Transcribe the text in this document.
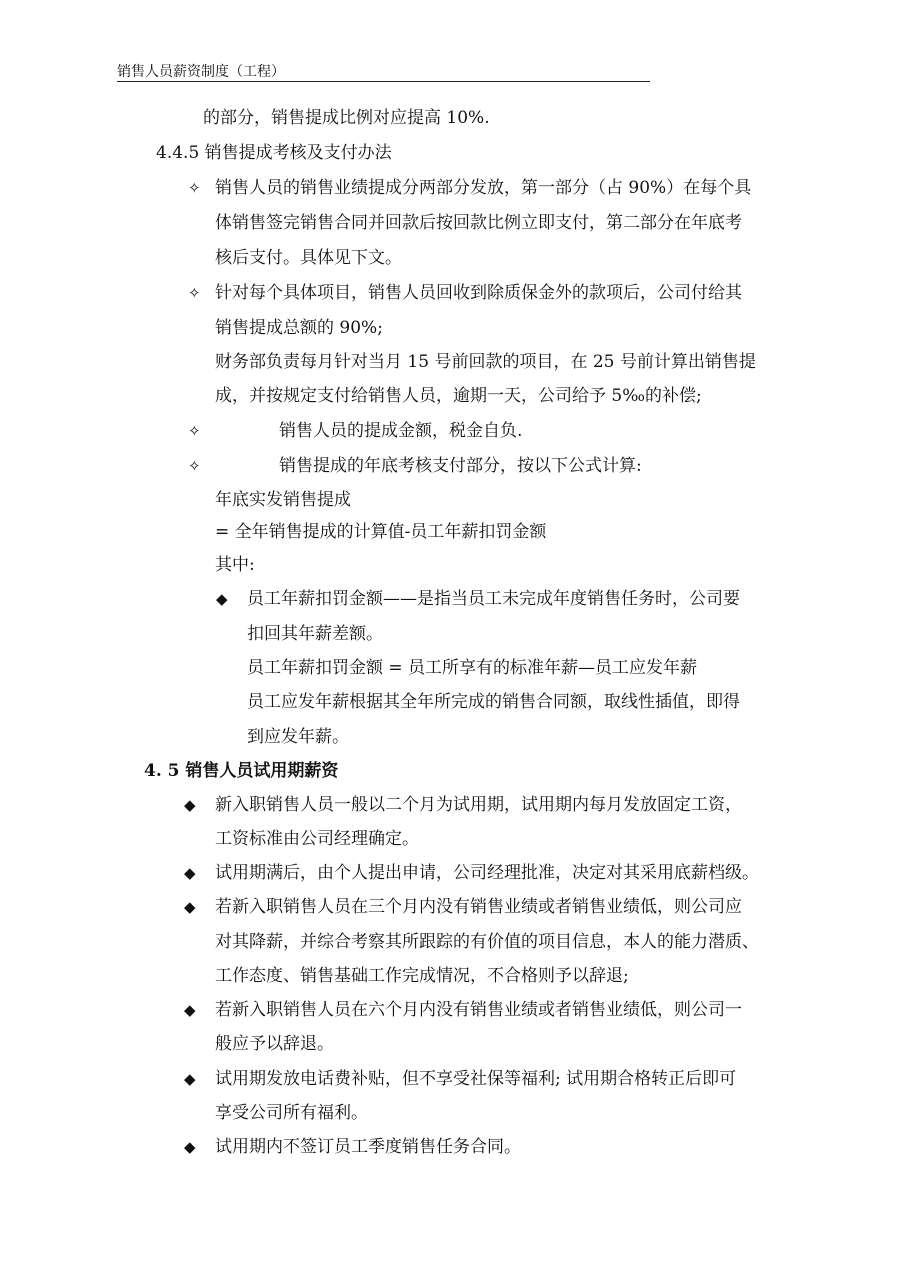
销售人员薪资制度（工程）
的部分，销售提成比例对应提高 10%.
4.4.5 销售提成考核及支付办法
✧ 销售人员的销售业绩提成分两部分发放，第一部分（占 90%）在每个具
体销售签完销售合同并回款后按回款比例立即支付，第二部分在年底考
核后支付。具体见下文。
✧ 针对每个具体项目，销售人员回收到除质保金外的款项后，公司付给其
销售提成总额的 90%;
财务部负责每月针对当月 15 号前回款的项目，在 25 号前计算出销售提
成，并按规定支付给销售人员，逾期一天，公司给予 5‰的补偿;
✧	销售人员的提成金额，税金自负.
✧	销售提成的年底考核支付部分，按以下公式计算:
年底实发销售提成
= 全年销售提成的计算值-员工年薪扣罚金额
其中:
◆ 员工年薪扣罚金额——是指当员工未完成年度销售任务时，公司要
扣回其年薪差额。
员工年薪扣罚金额 = 员工所享有的标准年薪—员工应发年薪
员工应发年薪根据其全年所完成的销售合同额，取线性插值，即得
到应发年薪。
4. 5 销售人员试用期薪资
◆ 新入职销售人员一般以二个月为试用期，试用期内每月发放固定工资，
工资标准由公司经理确定。
◆ 试用期满后，由个人提出申请，公司经理批准，决定对其采用底薪档级。
◆ 若新入职销售人员在三个月内没有销售业绩或者销售业绩低，则公司应
对其降薪，并综合考察其所跟踪的有价值的项目信息，本人的能力潜质、
工作态度、销售基础工作完成情况，不合格则予以辞退;
◆ 若新入职销售人员在六个月内没有销售业绩或者销售业绩低，则公司一
般应予以辞退。
◆ 试用期发放电话费补贴，但不享受社保等福利; 试用期合格转正后即可
享受公司所有福利。
◆ 试用期内不签订员工季度销售任务合同。
